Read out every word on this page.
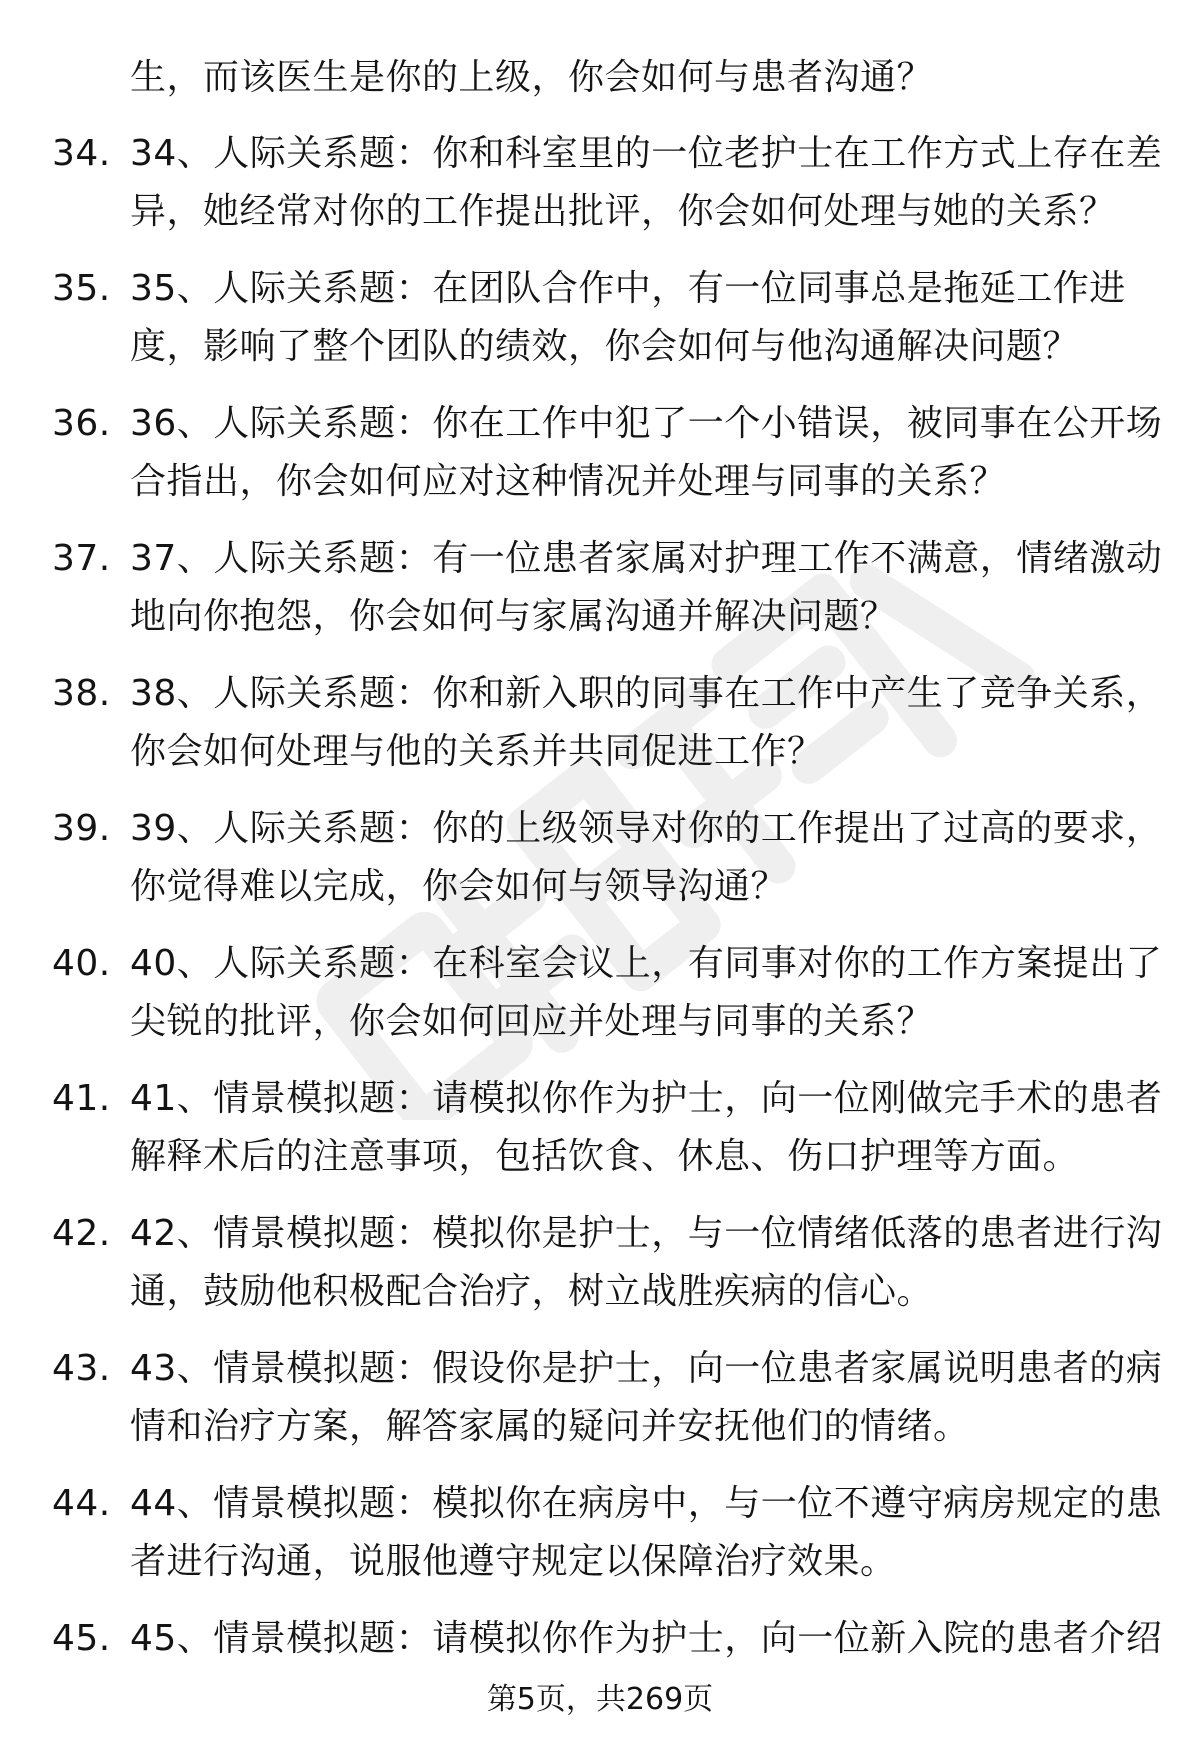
生，而该医生是你的上级，你会如何与患者沟通？
34. 34、人际关系题：你和科室里的一位老护士在工作方式上存在差
异，她经常对你的工作提出批评，你会如何处理与她的关系？
35. 35、人际关系题：在团队合作中，有一位同事总是拖延工作进
度，影响了整个团队的绩效，你会如何与他沟通解决问题？
36. 36、人际关系题：你在工作中犯了一个小错误，被同事在公开场
合指出，你会如何应对这种情况并处理与同事的关系？
37. 37、人际关系题：有一位患者家属对护理工作不满意，情绪激动
地向你抱怨，你会如何与家属沟通并解决问题？
38. 38、人际关系题：你和新入职的同事在工作中产生了竞争关系，
你会如何处理与他的关系并共同促进工作？
39. 39、人际关系题：你的上级领导对你的工作提出了过高的要求，
你觉得难以完成，你会如何与领导沟通？
40. 40、人际关系题：在科室会议上，有同事对你的工作方案提出了
尖锐的批评，你会如何回应并处理与同事的关系？
41. 41、情景模拟题：请模拟你作为护士，向一位刚做完手术的患者
解释术后的注意事项，包括饮食、休息、伤口护理等方面。
42. 42、情景模拟题：模拟你是护士，与一位情绪低落的患者进行沟
通，鼓励他积极配合治疗，树立战胜疾病的信心。
43. 43、情景模拟题：假设你是护士，向一位患者家属说明患者的病
情和治疗方案，解答家属的疑问并安抚他们的情绪。
44. 44、情景模拟题：模拟你在病房中，与一位不遵守病房规定的患
者进行沟通，说服他遵守规定以保障治疗效果。
45. 45、情景模拟题：请模拟你作为护士，向一位新入院的患者介绍
第5页，共269页
